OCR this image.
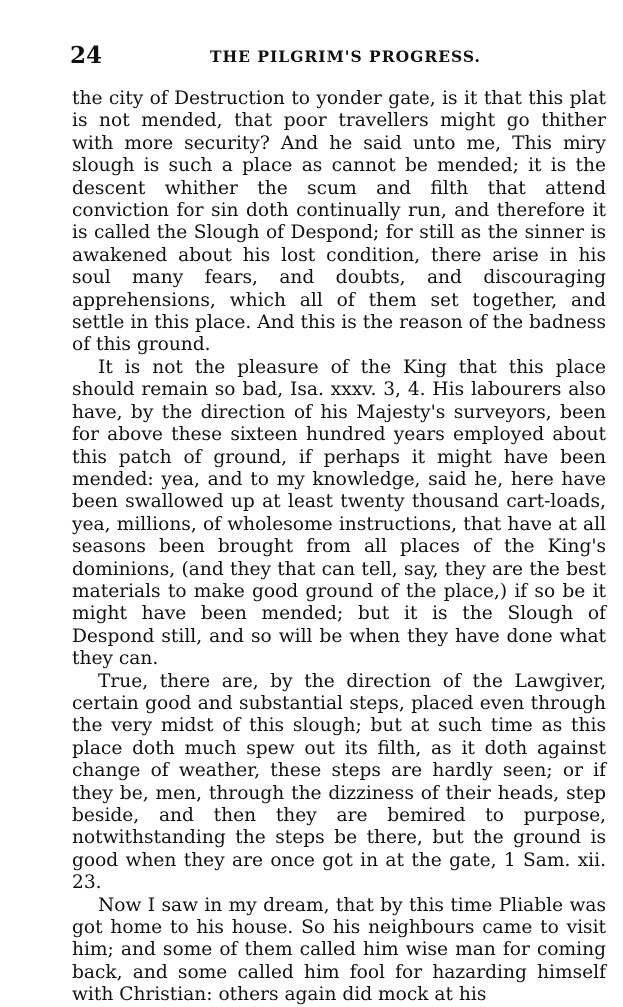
24	THE PILGRIM'S PROGRESS.

the city of Destruction to yonder gate, is it that this plat is not mended, that poor travellers might go thither with more security? And he said unto me, This miry slough is such a place as cannot be mended; it is the descent whither the scum and filth that attend conviction for sin doth continually run, and therefore it is called the Slough of Despond; for still as the sinner is awakened about his lost condition, there arise in his soul many fears, and doubts, and discouraging apprehensions, which all of them set together, and settle in this place. And this is the reason of the badness of this ground.

It is not the pleasure of the King that this place should remain so bad, Isa. xxxv. 3, 4. His labourers also have, by the direction of his Majesty's surveyors, been for above these sixteen hundred years employed about this patch of ground, if perhaps it might have been mended: yea, and to my knowledge, said he, here have been swallowed up at least twenty thousand cart-loads, yea, millions, of wholesome instructions, that have at all seasons been brought from all places of the King's dominions, (and they that can tell, say, they are the best materials to make good ground of the place,) if so be it might have been mended; but it is the Slough of Despond still, and so will be when they have done what they can.

True, there are, by the direction of the Lawgiver, certain good and substantial steps, placed even through the very midst of this slough; but at such time as this place doth much spew out its filth, as it doth against change of weather, these steps are hardly seen; or if they be, men, through the dizziness of their heads, step beside, and then they are bemired to purpose, notwithstanding the steps be there, but the ground is good when they are once got in at the gate, 1 Sam. xii. 23.

Now I saw in my dream, that by this time Pliable was got home to his house. So his neighbours came to visit him; and some of them called him wise man for coming back, and some called him fool for hazarding himself with Christian: others again did mock at his
